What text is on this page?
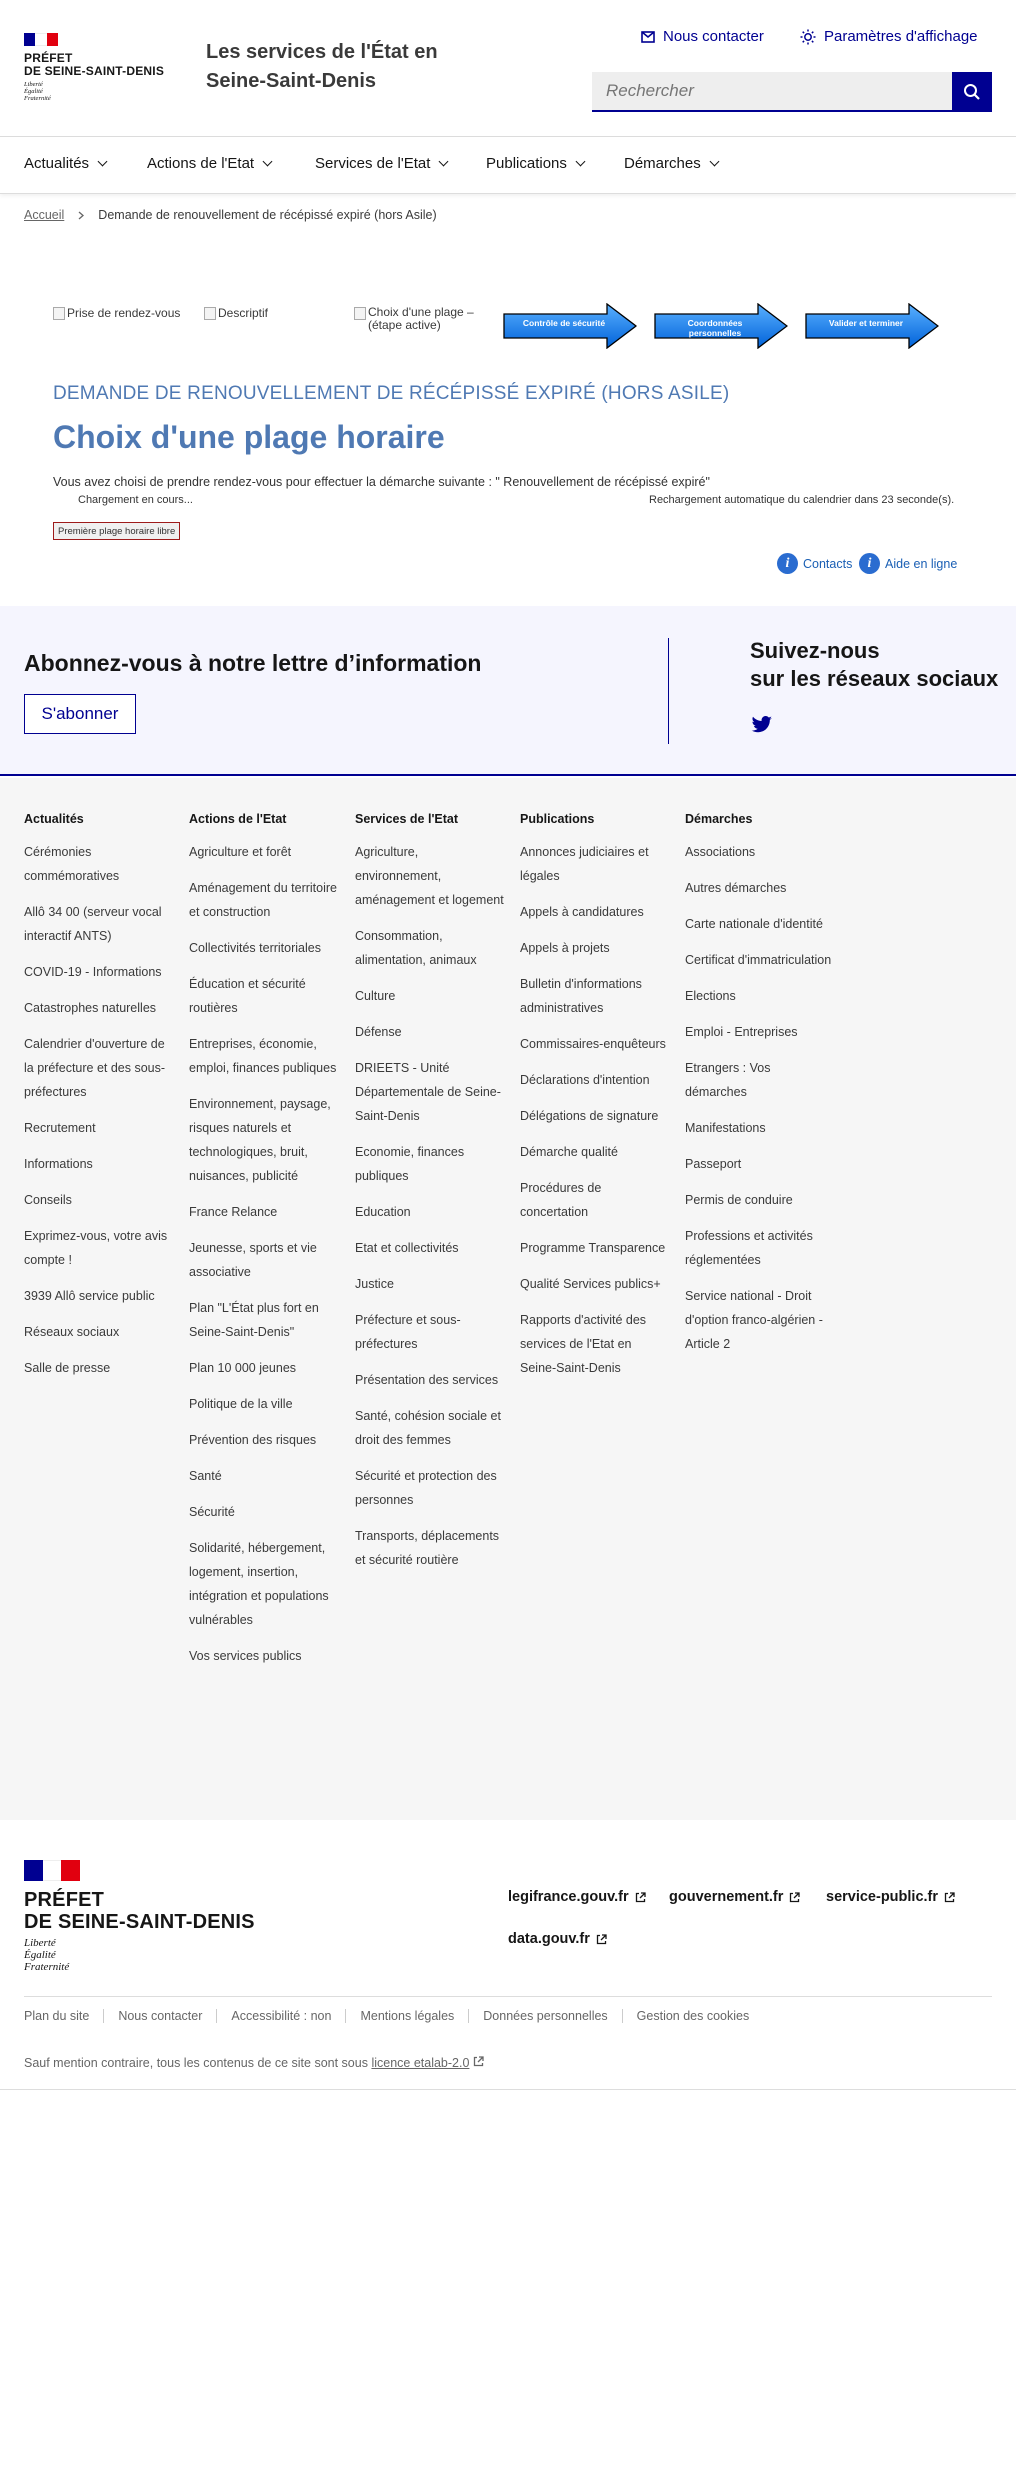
PRÉFET
DE SEINE-SAINT-DENIS
Liberté
Égalité
Fraternité
Les services de l'État en Seine-Saint-Denis
Nous contacter	Paramètres d'affichage
Rechercher
Actualités	Actions de l'Etat	Services de l'Etat	Publications	Démarches
Accueil	Demande de renouvellement de récépissé expiré (hors Asile)
Prise de rendez-vous	Descriptif	Choix d'une plage – (étape active)	Contrôle de sécurité	Coordonnées personnelles
Valider et terminer
DEMANDE DE RENOUVELLEMENT DE RÉCÉPISSÉ EXPIRÉ (HORS ASILE)
Choix d'une plage horaire

Vous avez choisi de prendre rendez-vous pour effectuer la démarche suivante : " Renouvellement de récépissé expiré"

Chargement en cours...	Rechargement automatique du calendrier dans 23 seconde(s).
Première plage horaire libre
i	Contacts	i	Aide en ligne
Abonnez-vous à notre lettre d’information
S'abonner
Suivez-nous
sur les réseaux sociaux
Actualités
Cérémonies commémoratives
Allô 34 00 (serveur vocal interactif ANTS)
COVID-19 - Informations
Catastrophes naturelles
Calendrier d'ouverture de la préfecture et des sous-préfectures
Recrutement
Informations
Conseils
Exprimez-vous, votre avis compte !
3939 Allô service public
Réseaux sociaux
Salle de presse
Actions de l'Etat
Agriculture et forêt
Aménagement du territoire et construction
Collectivités territoriales
Éducation et sécurité routières
Entreprises, économie, emploi, finances publiques
Environnement, paysage, risques naturels et technologiques, bruit, nuisances, publicité
France Relance
Jeunesse, sports et vie associative
Plan "L'État plus fort en Seine-Saint-Denis"
Plan 10 000 jeunes
Politique de la ville
Prévention des risques
Santé
Sécurité
Solidarité, hébergement, logement, insertion, intégration et populations vulnérables
Vos services publics
Services de l'Etat
Agriculture, environnement, aménagement et logement
Consommation, alimentation, animaux
Culture
Défense
DRIEETS - Unité Départementale de Seine-Saint-Denis
Economie, finances publiques
Education
Etat et collectivités
Justice
Préfecture et sous-préfectures
Présentation des services
Santé, cohésion sociale et droit des femmes
Sécurité et protection des personnes
Transports, déplacements et sécurité routière
Publications
Annonces judiciaires et légales
Appels à candidatures
Appels à projets
Bulletin d'informations administratives
Commissaires-enquêteurs
Déclarations d'intention
Délégations de signature
Démarche qualité
Procédures de concertation
Programme Transparence
Qualité Services publics+
Rapports d'activité des services de l'Etat en Seine-Saint-Denis
Démarches
Associations
Autres démarches
Carte nationale d'identité
Certificat d'immatriculation
Elections
Emploi - Entreprises
Etrangers : Vos démarches
Manifestations
Passeport
Permis de conduire
Professions et activités réglementées
Service national - Droit d'option franco-algérien - Article 2
PRÉFET
DE SEINE-SAINT-DENIS
Liberté
Égalité
Fraternité
legifrance.gouv.fr	gouvernement.fr	service-public.fr
data.gouv.fr
Plan du site	Nous contacter	Accessibilité : non	Mentions légales	Données personnelles	Gestion des cookies
Sauf mention contraire, tous les contenus de ce site sont sous licence etalab-2.0
